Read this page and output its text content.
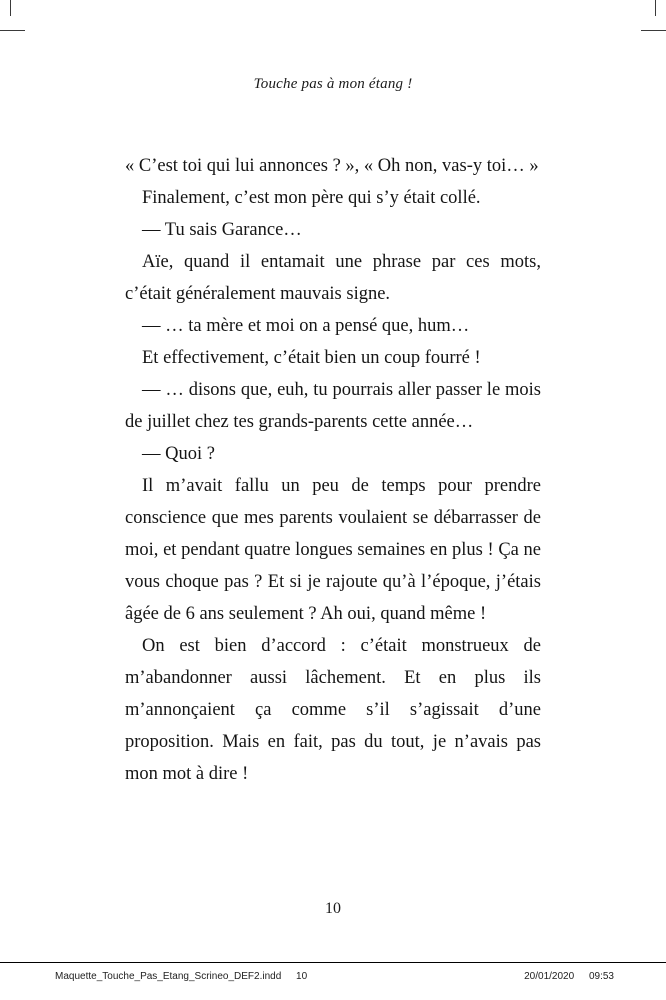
Touche pas à mon étang !

« C’est toi qui lui annonces ? », « Oh non, vas-y toi… »

Finalement, c’est mon père qui s’y était collé.

— Tu sais Garance…

Aïe, quand il entamait une phrase par ces mots, c’était généralement mauvais signe.

— … ta mère et moi on a pensé que, hum…

Et effectivement, c’était bien un coup fourré !

— … disons que, euh, tu pourrais aller passer le mois de juillet chez tes grands-parents cette année…

— Quoi ?

Il m’avait fallu un peu de temps pour prendre conscience que mes parents voulaient se débarrasser de moi, et pendant quatre longues semaines en plus ! Ça ne vous choque pas ? Et si je rajoute qu’à l’époque, j’étais âgée de 6 ans seulement ? Ah oui, quand même !

On est bien d’accord : c’était monstrueux de m’abandonner aussi lâchement. Et en plus ils m’annonçaient ça comme s’il s’agissait d’une proposition. Mais en fait, pas du tout, je n’avais pas mon mot à dire !

10
Maquette_Touche_Pas_Etang_Scrineo_DEF2.indd 10	20/01/2020 09:53
